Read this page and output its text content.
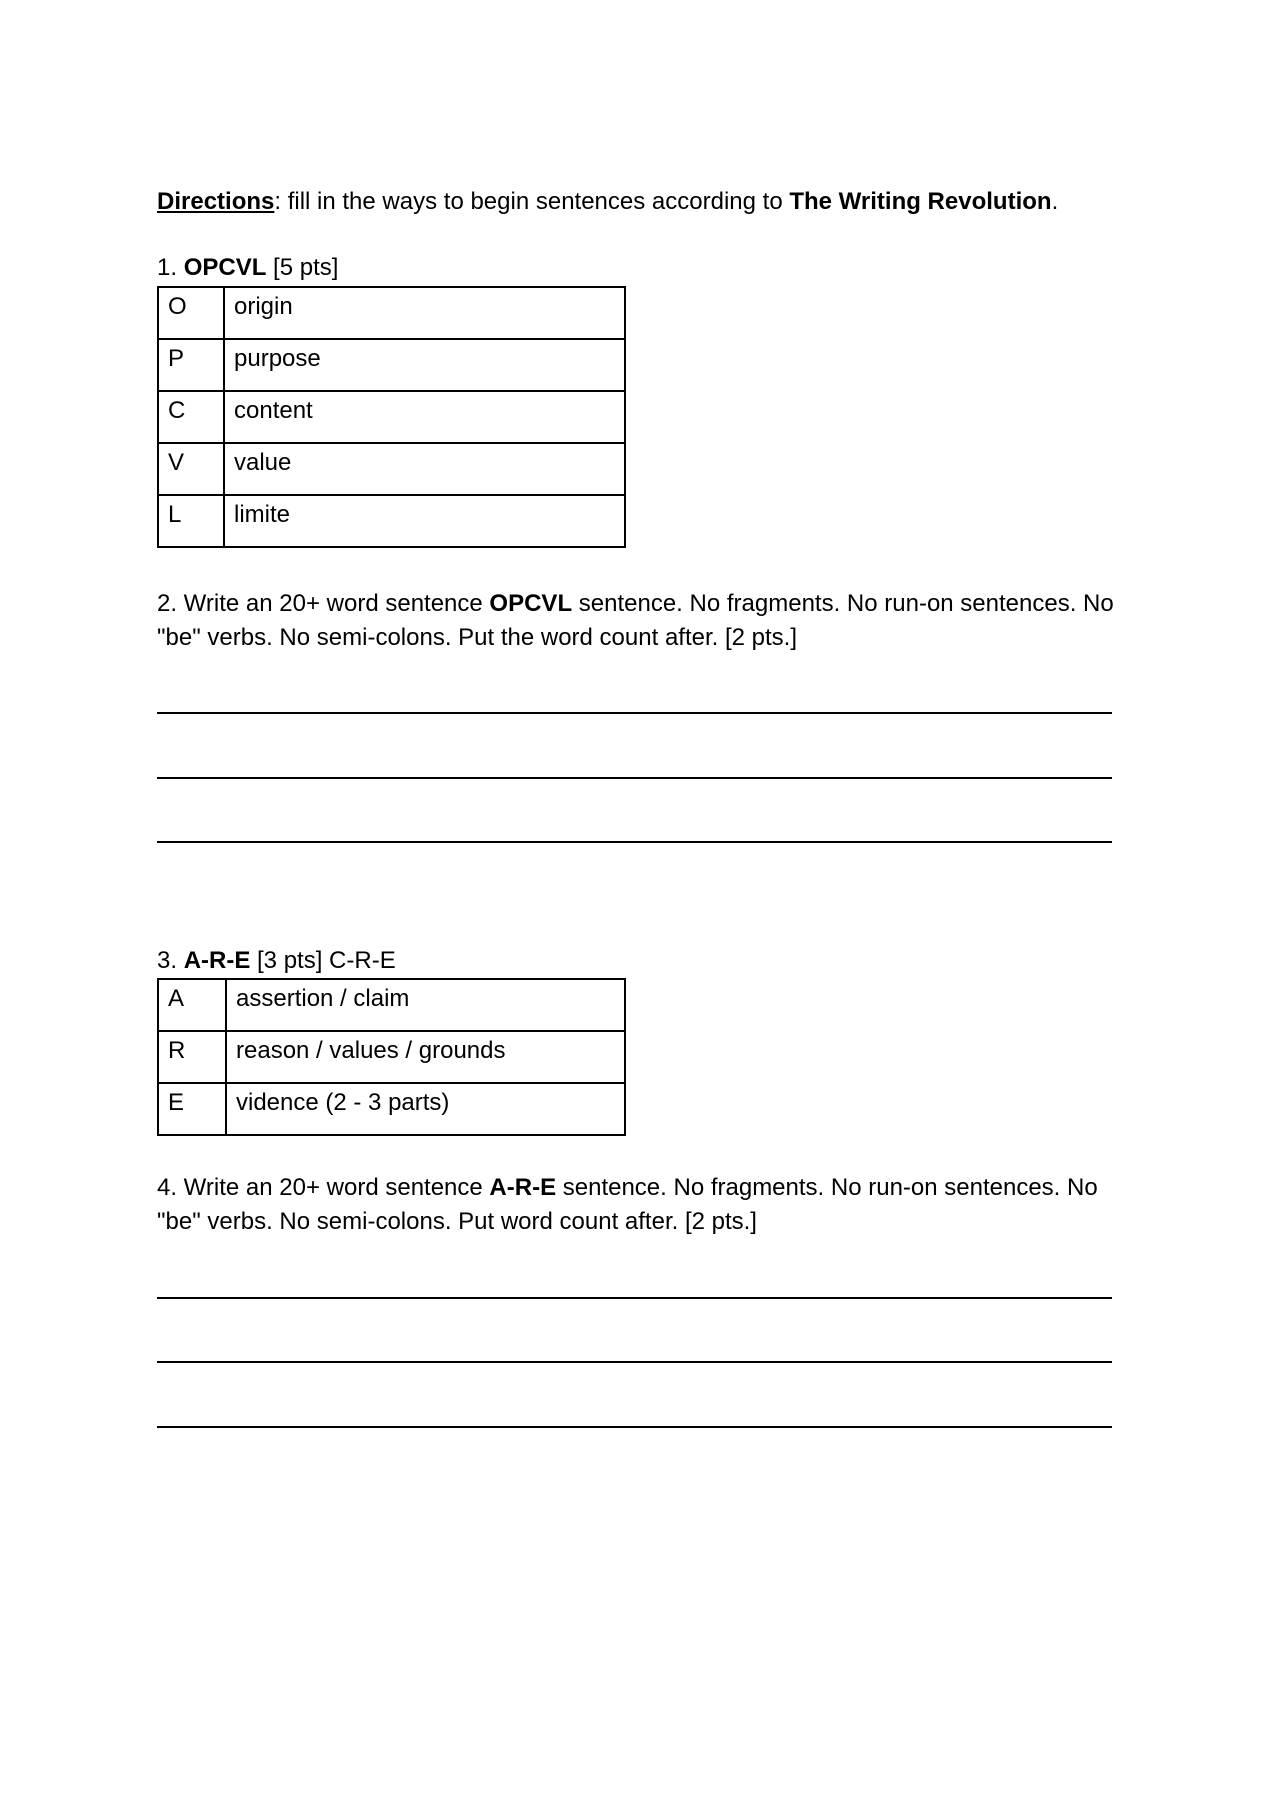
Directions: fill in the ways to begin sentences according to The Writing Revolution.
1. OPCVL [5 pts]
O	origin
P	purpose
C	content
V	value
L	limite
2. Write an 20+ word sentence OPCVL sentence. No fragments. No run-on sentences. No
"be" verbs. No semi-colons. Put the word count after. [2 pts.]
3. A-R-E [3 pts] C-R-E
A	assertion / claim
R	reason / values / grounds
E	vidence (2 - 3 parts)
4. Write an 20+ word sentence A-R-E sentence. No fragments. No run-on sentences. No
"be" verbs. No semi-colons. Put word count after. [2 pts.]
